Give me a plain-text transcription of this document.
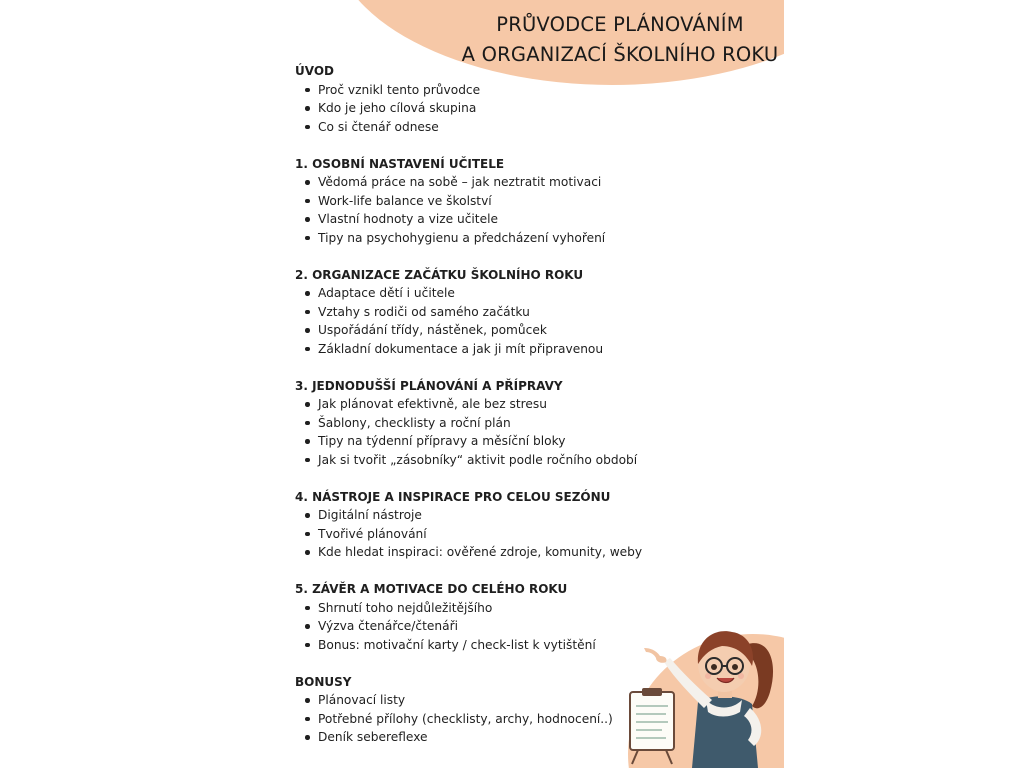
PRŮVODCE PLÁNOVÁNÍM
A ORGANIZACÍ ŠKOLNÍHO ROKU
ÚVOD
Proč vznikl tento průvodce
Kdo je jeho cílová skupina
Co si čtenář odnese
1. OSOBNÍ NASTAVENÍ UČITELE
Vědomá práce na sobě – jak neztratit motivaci
Work-life balance ve školství
Vlastní hodnoty a vize učitele
Tipy na psychohygienu a předcházení vyhoření
2. ORGANIZACE ZAČÁTKU ŠKOLNÍHO ROKU
Adaptace dětí i učitele
Vztahy s rodiči od samého začátku
Uspořádání třídy, nástěnek, pomůcek
Základní dokumentace a jak ji mít připravenou
3. JEDNODUŠŠÍ PLÁNOVÁNÍ A PŘÍPRAVY
Jak plánovat efektivně, ale bez stresu
Šablony, checklisty a roční plán
Tipy na týdenní přípravy a měsíční bloky
Jak si tvořit „zásobníky“ aktivit podle ročního období
4. NÁSTROJE A INSPIRACE PRO CELOU SEZÓNU
Digitální nástroje
Tvořivé plánování
Kde hledat inspiraci: ověřené zdroje, komunity, weby
5. ZÁVĚR A MOTIVACE DO CELÉHO ROKU
Shrnutí toho nejdůležitějšího
Výzva čtenářce/čtenáři
Bonus: motivační karty / check-list k vytištění
BONUSY
Plánovací listy
Potřebné přílohy (checklisty, archy, hodnocení..)
Deník sebereflexe
